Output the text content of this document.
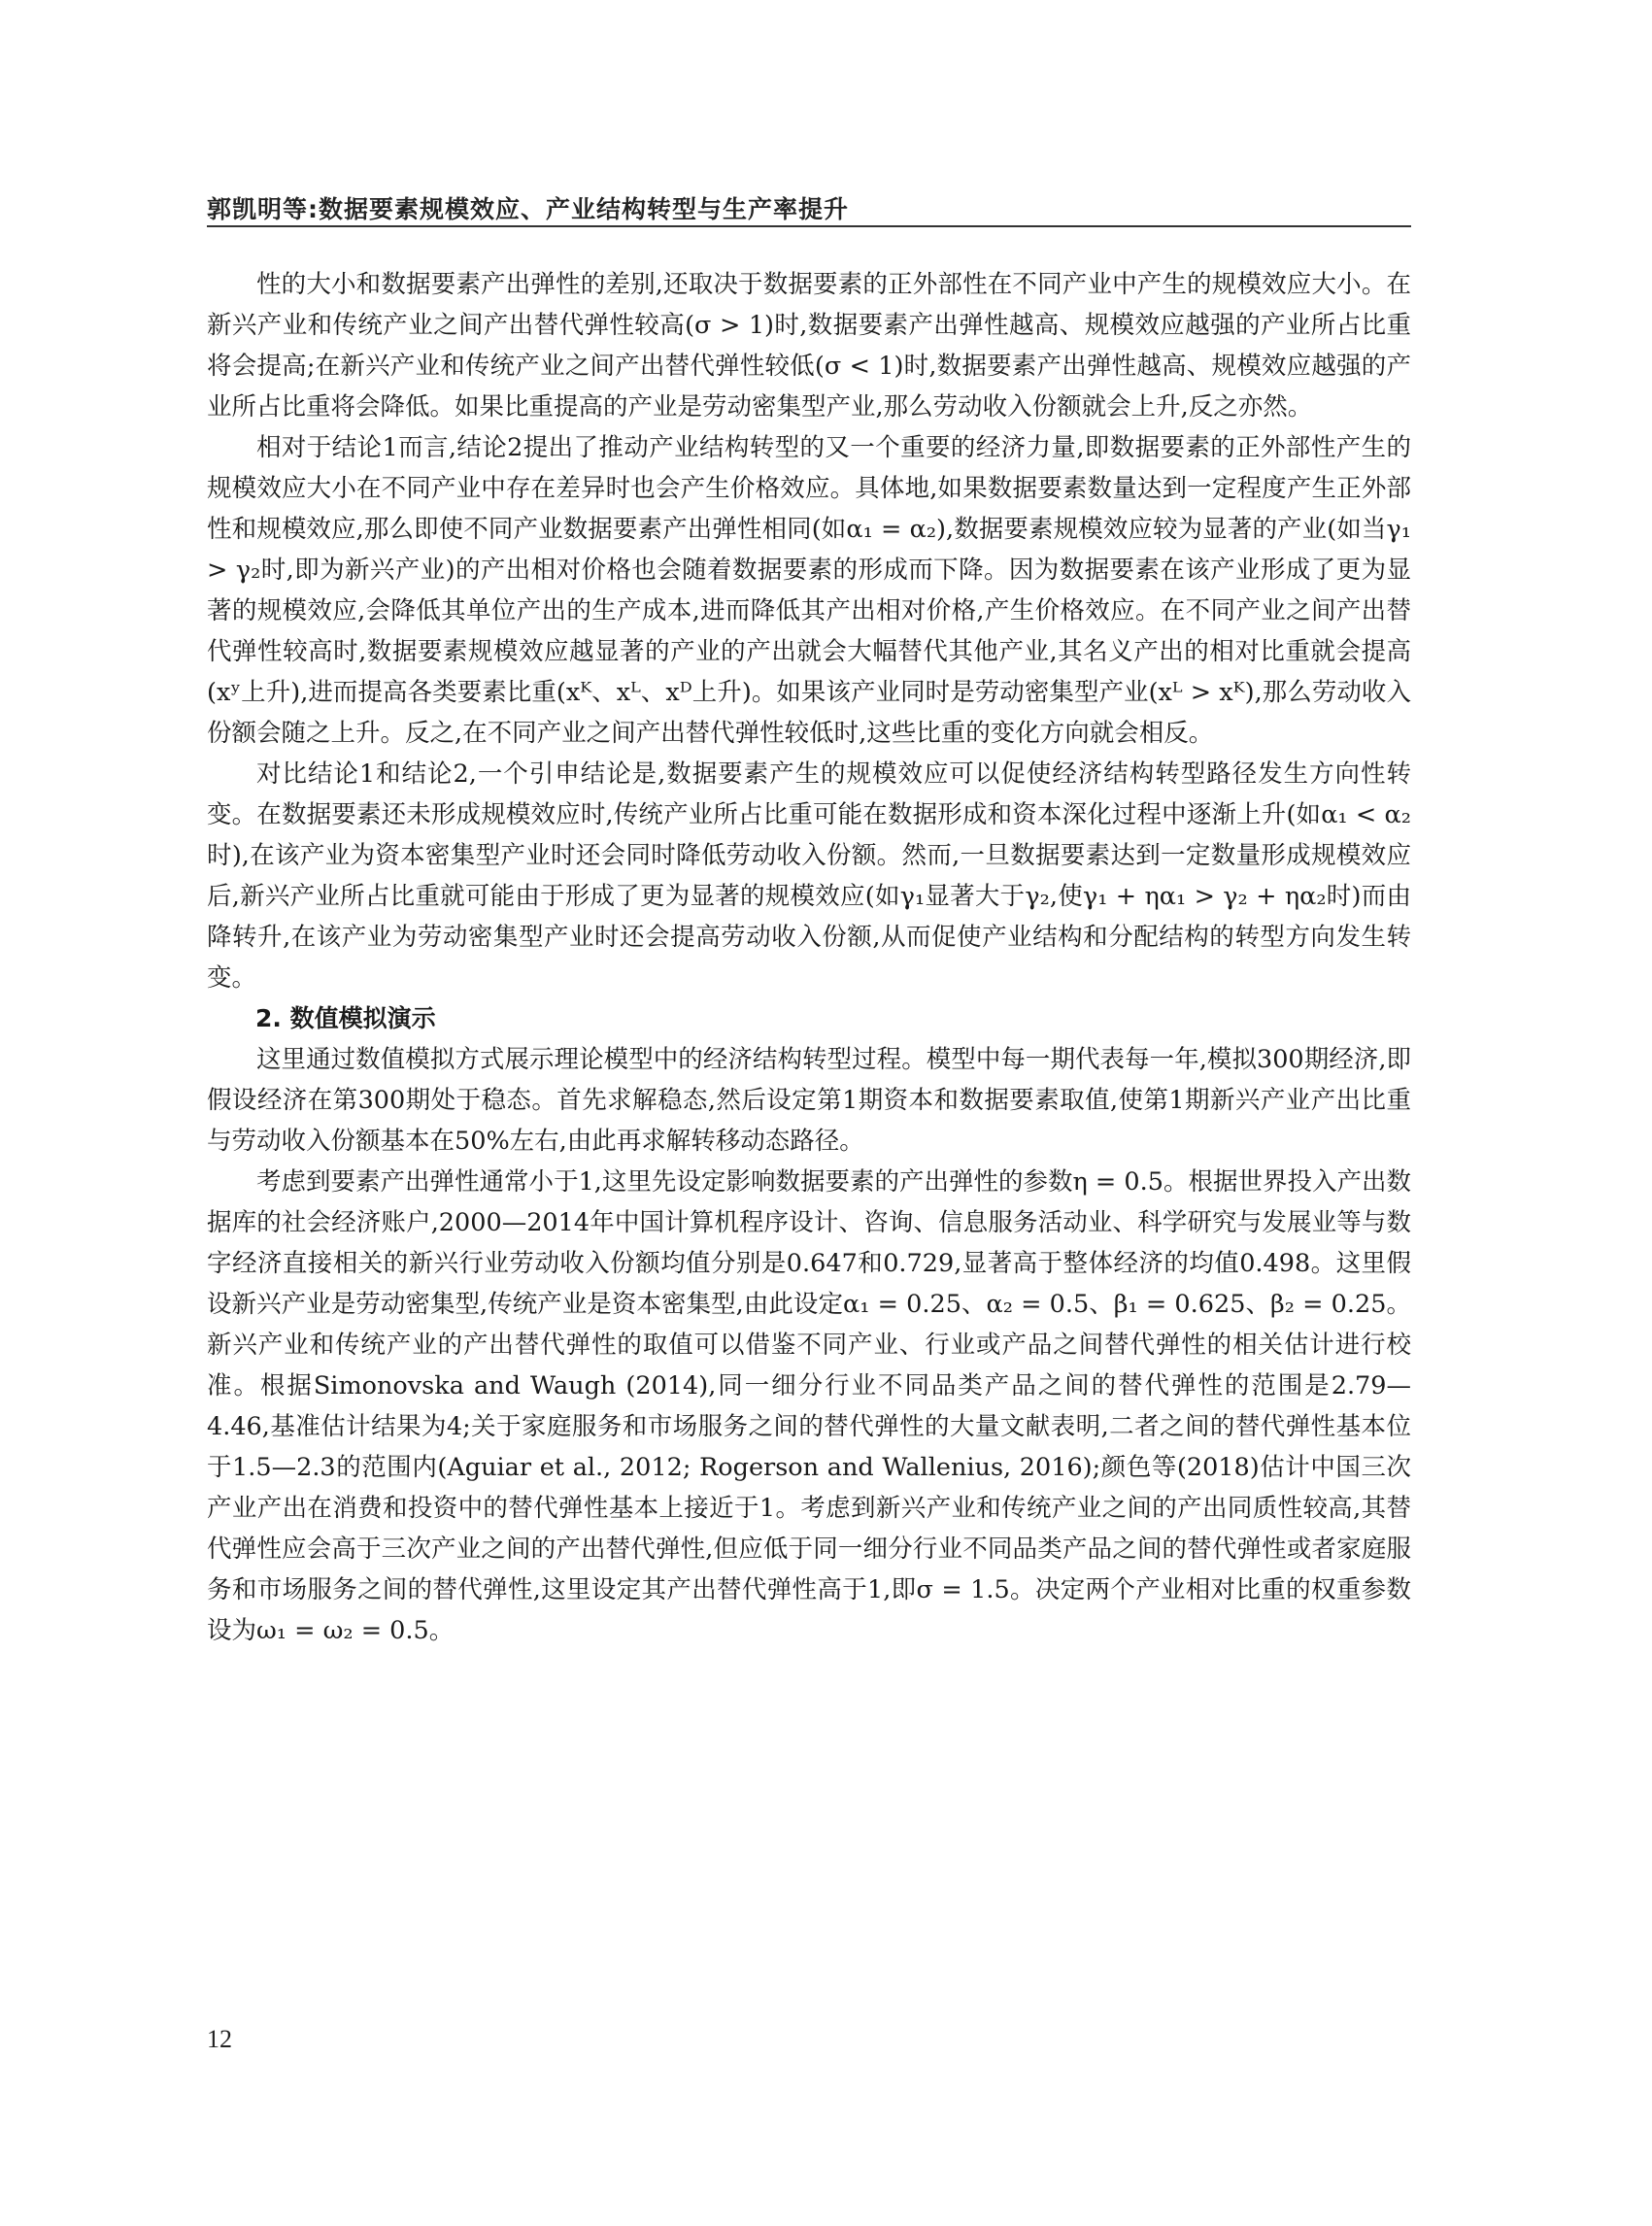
郭凯明等:数据要素规模效应、产业结构转型与生产率提升

性的大小和数据要素产出弹性的差别,还取决于数据要素的正外部性在不同产业中产生的规模效应大小。在新兴产业和传统产业之间产出替代弹性较高(σ > 1)时,数据要素产出弹性越高、规模效应越强的产业所占比重将会提高;在新兴产业和传统产业之间产出替代弹性较低(σ < 1)时,数据要素产出弹性越高、规模效应越强的产业所占比重将会降低。如果比重提高的产业是劳动密集型产业,那么劳动收入份额就会上升,反之亦然。

相对于结论1而言,结论2提出了推动产业结构转型的又一个重要的经济力量,即数据要素的正外部性产生的规模效应大小在不同产业中存在差异时也会产生价格效应。具体地,如果数据要素数量达到一定程度产生正外部性和规模效应,那么即使不同产业数据要素产出弹性相同(如α₁ = α₂),数据要素规模效应较为显著的产业(如当γ₁ > γ₂时,即为新兴产业)的产出相对价格也会随着数据要素的形成而下降。因为数据要素在该产业形成了更为显著的规模效应,会降低其单位产出的生产成本,进而降低其产出相对价格,产生价格效应。在不同产业之间产出替代弹性较高时,数据要素规模效应越显著的产业的产出就会大幅替代其他产业,其名义产出的相对比重就会提高(xʸ上升),进而提高各类要素比重(xᴷ、xᴸ、xᴰ上升)。如果该产业同时是劳动密集型产业(xᴸ > xᴷ),那么劳动收入份额会随之上升。反之,在不同产业之间产出替代弹性较低时,这些比重的变化方向就会相反。

对比结论1和结论2,一个引申结论是,数据要素产生的规模效应可以促使经济结构转型路径发生方向性转变。在数据要素还未形成规模效应时,传统产业所占比重可能在数据形成和资本深化过程中逐渐上升(如α₁ < α₂时),在该产业为资本密集型产业时还会同时降低劳动收入份额。然而,一旦数据要素达到一定数量形成规模效应后,新兴产业所占比重就可能由于形成了更为显著的规模效应(如γ₁显著大于γ₂,使γ₁ + ηα₁ > γ₂ + ηα₂时)而由降转升,在该产业为劳动密集型产业时还会提高劳动收入份额,从而促使产业结构和分配结构的转型方向发生转变。

2. 数值模拟演示

这里通过数值模拟方式展示理论模型中的经济结构转型过程。模型中每一期代表每一年,模拟300期经济,即假设经济在第300期处于稳态。首先求解稳态,然后设定第1期资本和数据要素取值,使第1期新兴产业产出比重与劳动收入份额基本在50%左右,由此再求解转移动态路径。

考虑到要素产出弹性通常小于1,这里先设定影响数据要素的产出弹性的参数η = 0.5。根据世界投入产出数据库的社会经济账户,2000—2014年中国计算机程序设计、咨询、信息服务活动业、科学研究与发展业等与数字经济直接相关的新兴行业劳动收入份额均值分别是0.647和0.729,显著高于整体经济的均值0.498。这里假设新兴产业是劳动密集型,传统产业是资本密集型,由此设定α₁ = 0.25、α₂ = 0.5、β₁ = 0.625、β₂ = 0.25。新兴产业和传统产业的产出替代弹性的取值可以借鉴不同产业、行业或产品之间替代弹性的相关估计进行校准。根据Simonovska and Waugh (2014),同一细分行业不同品类产品之间的替代弹性的范围是2.79—4.46,基准估计结果为4;关于家庭服务和市场服务之间的替代弹性的大量文献表明,二者之间的替代弹性基本位于1.5—2.3的范围内(Aguiar et al., 2012; Rogerson and Wallenius, 2016);颜色等(2018)估计中国三次产业产出在消费和投资中的替代弹性基本上接近于1。考虑到新兴产业和传统产业之间的产出同质性较高,其替代弹性应会高于三次产业之间的产出替代弹性,但应低于同一细分行业不同品类产品之间的替代弹性或者家庭服务和市场服务之间的替代弹性,这里设定其产出替代弹性高于1,即σ = 1.5。决定两个产业相对比重的权重参数设为ω₁ = ω₂ = 0.5。

12
